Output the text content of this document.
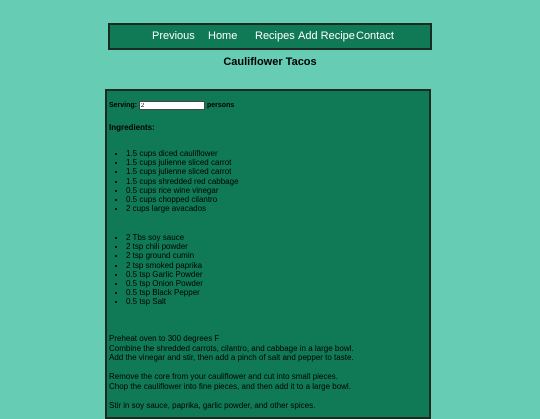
Previous Home Recipes Add Recipe Contact
Cauliflower Tacos
Serving:
2	persons
Ingredients:
• 1.5 cups diced cauliflower
• 1.5 cups julienne sliced carrot
• 1.5 cups julienne sliced carrot
• 1.5 cups shredded red cabbage
• 0.5 cups rice wine vinegar
• 0.5 cups chopped cilantro
• 2 cups large avacados
• 2 Tbs soy sauce
• 2 tsp chili powder
• 2 tsp ground cumin
• 2 tsp smoked paprika
• 0.5 tsp Garlic Powder
• 0.5 tsp Onion Powder
• 0.5 tsp Black Pepper
• 0.5 tsp Salt

Preheat oven to 300 degrees F
Combine the shredded carrots, cilantro, and cabbage in a large bowl.
Add the vinegar and stir, then add a pinch of salt and pepper to taste.

Remove the core from your cauliflower and cut into small pieces.
Chop the cauliflower into fine pieces, and then add it to a large bowl.

Stir in soy sauce, paprika, garlic powder, and other spices.
